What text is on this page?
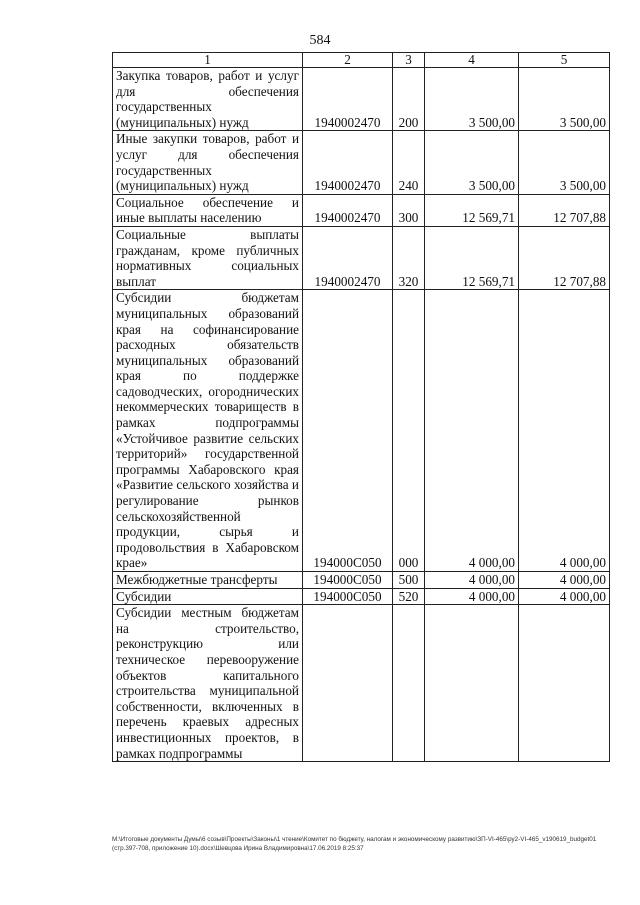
584
1	2	3	4	5
Закупка товаров, работ и услуг для обеспечения государственных (муниципальных) нужд	1940002470	200	3 500,00	3 500,00
Иные закупки товаров, работ и услуг для обеспечения государственных (муниципальных) нужд	1940002470	240	3 500,00	3 500,00
Социальное обеспечение и иные выплаты населению	1940002470	300	12 569,71	12 707,88
Социальные выплаты гражданам, кроме публичных нормативных социальных выплат	1940002470	320	12 569,71	12 707,88
Субсидии бюджетам муниципальных образований края на софинансирование расходных обязательств муниципальных образований края по поддержке садоводческих, огороднических некоммерческих товариществ в рамках подпрограммы «Устойчивое развитие сельских территорий» государственной программы Хабаровского края «Развитие сельского хозяйства и регулирование рынков сельскохозяйственной продукции, сырья и продовольствия в Хабаровском крае»	194000С050	000	4 000,00	4 000,00
Межбюджетные трансферты	194000С050	500	4 000,00	4 000,00
Субсидии	194000С050	520	4 000,00	4 000,00
Субсидии местным бюджетам на строительство, реконструкцию или техническое перевооружение объектов капитального строительства муниципальной собственности, включенных в перечень краевых адресных инвестиционных проектов, в рамках подпрограммы				
M:\Итоговые документы Думы\6 созыв\Проекты\Законы\1 чтение\Комитет по бюджету, налогам и экономическому развитию\ЗП-VI-465\ру2-VI-465_v190619_budget01 (стр.397-708, приложение 10).docx\Шевцова Ирина Владимировна\17.06.2019 8:25:37
